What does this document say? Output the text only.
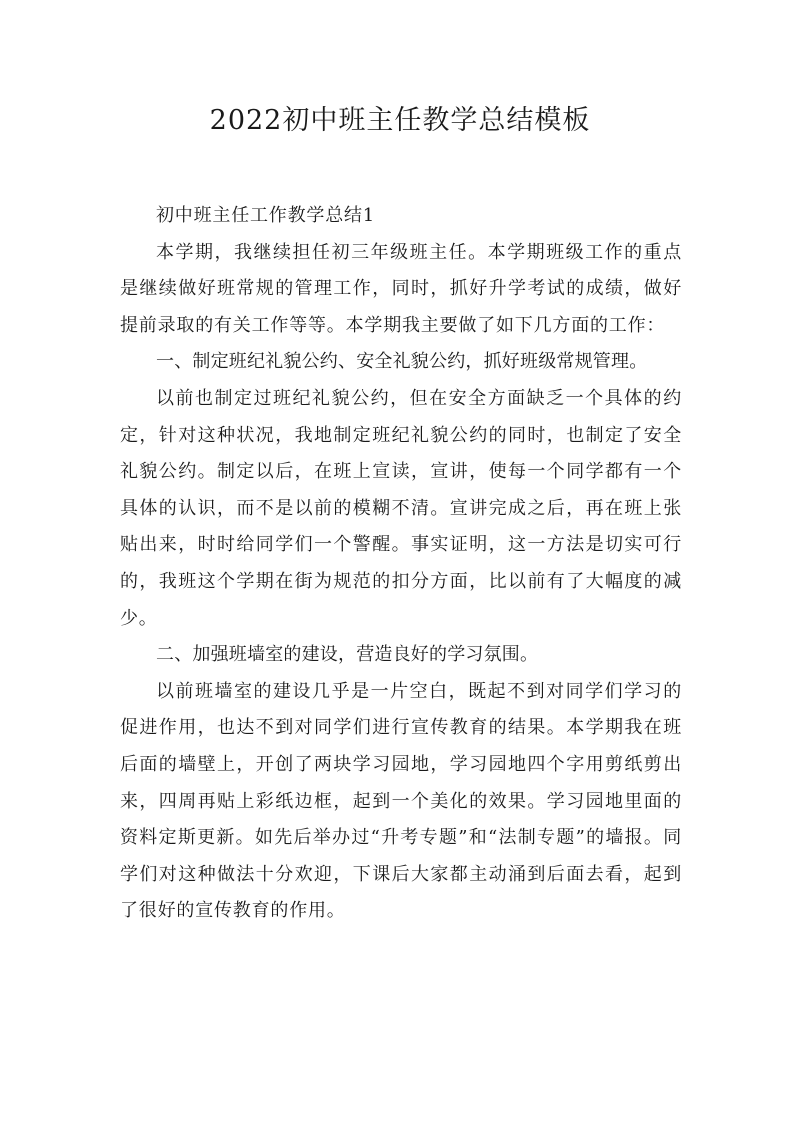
2022初中班主任教学总结模板

初中班主任工作教学总结1

本学期，我继续担任初三年级班主任。本学期班级工作的重点是继续做好班常规的管理工作，同时，抓好升学考试的成绩，做好提前录取的有关工作等等。本学期我主要做了如下几方面的工作：

一、制定班纪礼貌公约、安全礼貌公约，抓好班级常规管理。

以前也制定过班纪礼貌公约，但在安全方面缺乏一个具体的约定，针对这种状况，我地制定班纪礼貌公约的同时，也制定了安全礼貌公约。制定以后，在班上宣读，宣讲，使每一个同学都有一个具体的认识，而不是以前的模糊不清。宣讲完成之后，再在班上张贴出来，时时给同学们一个警醒。事实证明，这一方法是切实可行的，我班这个学期在街为规范的扣分方面，比以前有了大幅度的减少。

二、加强班墙室的建设，营造良好的学习氛围。

以前班墙室的建设几乎是一片空白，既起不到对同学们学习的促进作用，也达不到对同学们进行宣传教育的结果。本学期我在班后面的墙壁上，开创了两块学习园地，学习园地四个字用剪纸剪出来，四周再贴上彩纸边框，起到一个美化的效果。学习园地里面的资料定斯更新。如先后举办过“升考专题”和“法制专题”的墙报。同学们对这种做法十分欢迎，下课后大家都主动涌到后面去看，起到了很好的宣传教育的作用。
